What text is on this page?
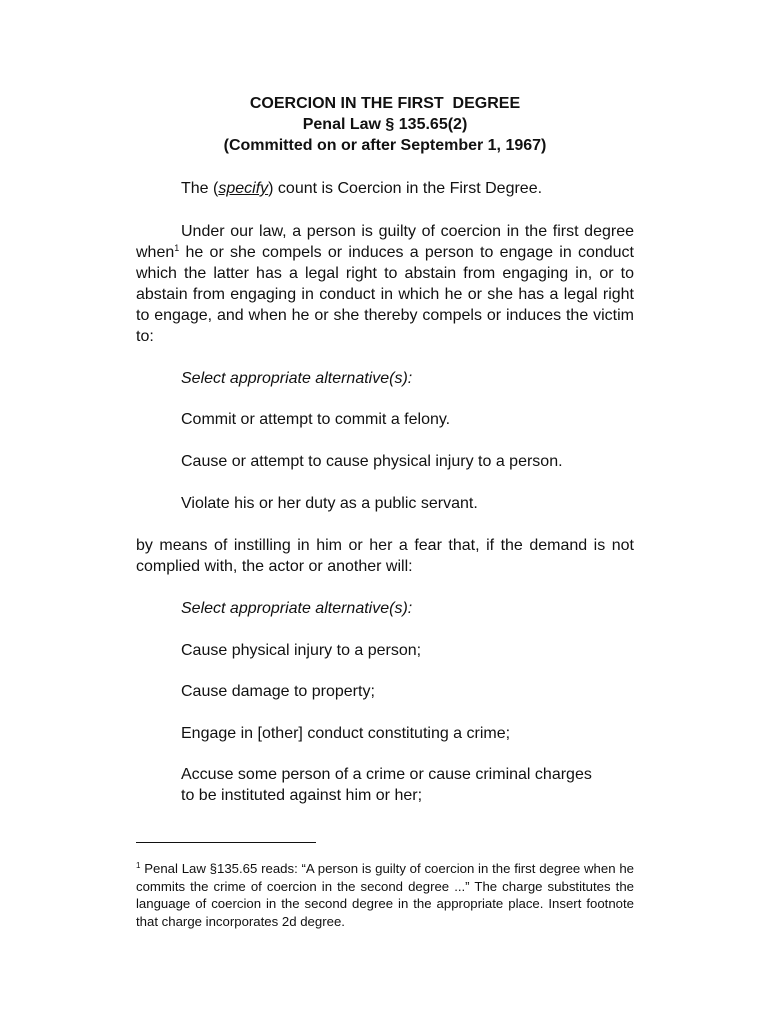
COERCION IN THE FIRST  DEGREE
Penal Law § 135.65(2)
(Committed on or after September 1, 1967)
The (specify) count is Coercion in the First Degree.
Under our law, a person is guilty of coercion in the first degree when$^1$ he or she compels or induces a person to engage in conduct which the latter has a legal right to abstain from engaging in, or to abstain from engaging in conduct in which he or she has a legal right to engage, and when he or she thereby compels or induces the victim to:
Select appropriate alternative(s):
Commit or attempt to commit a felony.
Cause or attempt to cause physical injury to a person.
Violate his or her duty as a public servant.
by means of instilling in him or her a fear that, if the demand is not complied with, the actor or another will:
Select appropriate alternative(s):
Cause physical injury to a person;
Cause damage to property;
Engage in [other] conduct constituting a crime;
Accuse some person of a crime or cause criminal charges
to be instituted against him or her;
$^1$ Penal Law §135.65 reads: “A person is guilty of coercion in the first degree when he commits the crime of coercion in the second degree ...” The charge substitutes the language of coercion in the second degree in the appropriate place. Insert footnote that charge incorporates 2d degree.
